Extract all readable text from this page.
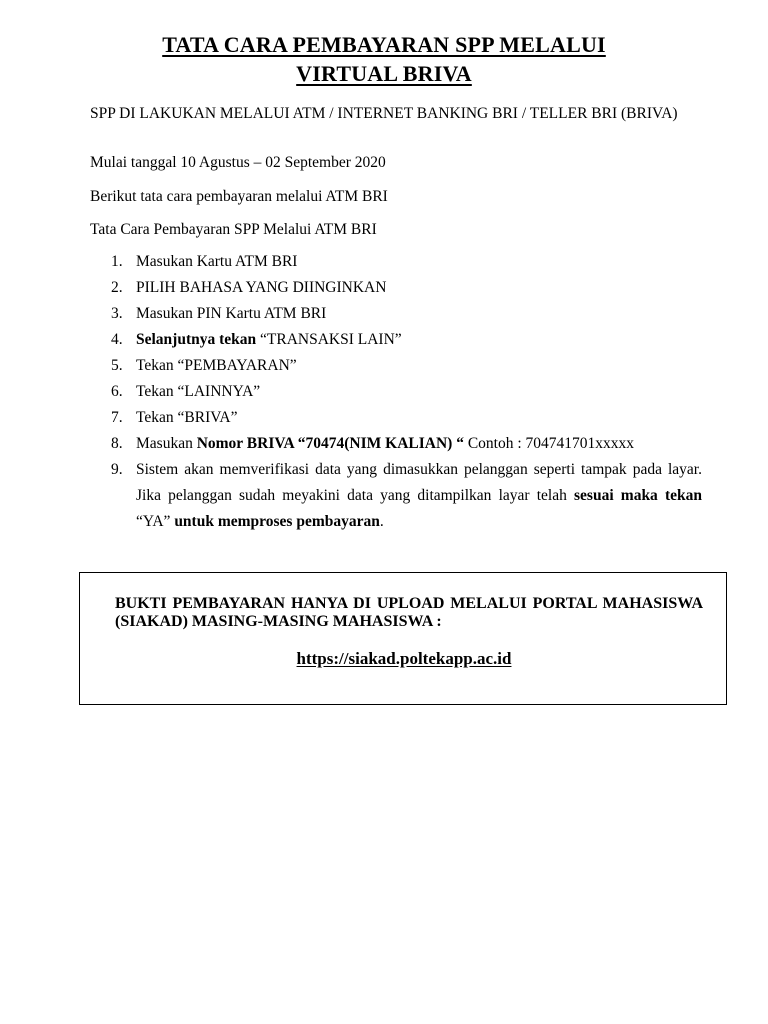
TATA CARA PEMBAYARAN SPP MELALUI
VIRTUAL BRIVA
SPP DI LAKUKAN MELALUI ATM / INTERNET BANKING BRI / TELLER BRI (BRIVA)
Mulai tanggal 10 Agustus – 02 September 2020
Berikut tata cara pembayaran melalui ATM BRI
Tata Cara Pembayaran SPP Melalui ATM BRI
1. Masukan Kartu ATM BRI
2. PILIH BAHASA YANG DIINGINKAN
3. Masukan PIN Kartu ATM BRI
4. Selanjutnya tekan “TRANSAKSI LAIN”
5. Tekan “PEMBAYARAN”
6. Tekan “LAINNYA”
7. Tekan “BRIVA”
8. Masukan Nomor BRIVA “70474(NIM KALIAN) “ Contoh : 704741701xxxxx
9. Sistem akan memverifikasi data yang dimasukkan pelanggan seperti tampak pada layar. Jika pelanggan sudah meyakini data yang ditampilkan layar telah sesuai maka tekan “YA” untuk memproses pembayaran.
BUKTI PEMBAYARAN HANYA DI UPLOAD MELALUI PORTAL MAHASISWA (SIAKAD) MASING-MASING MAHASISWA :
https://siakad.poltekapp.ac.id
